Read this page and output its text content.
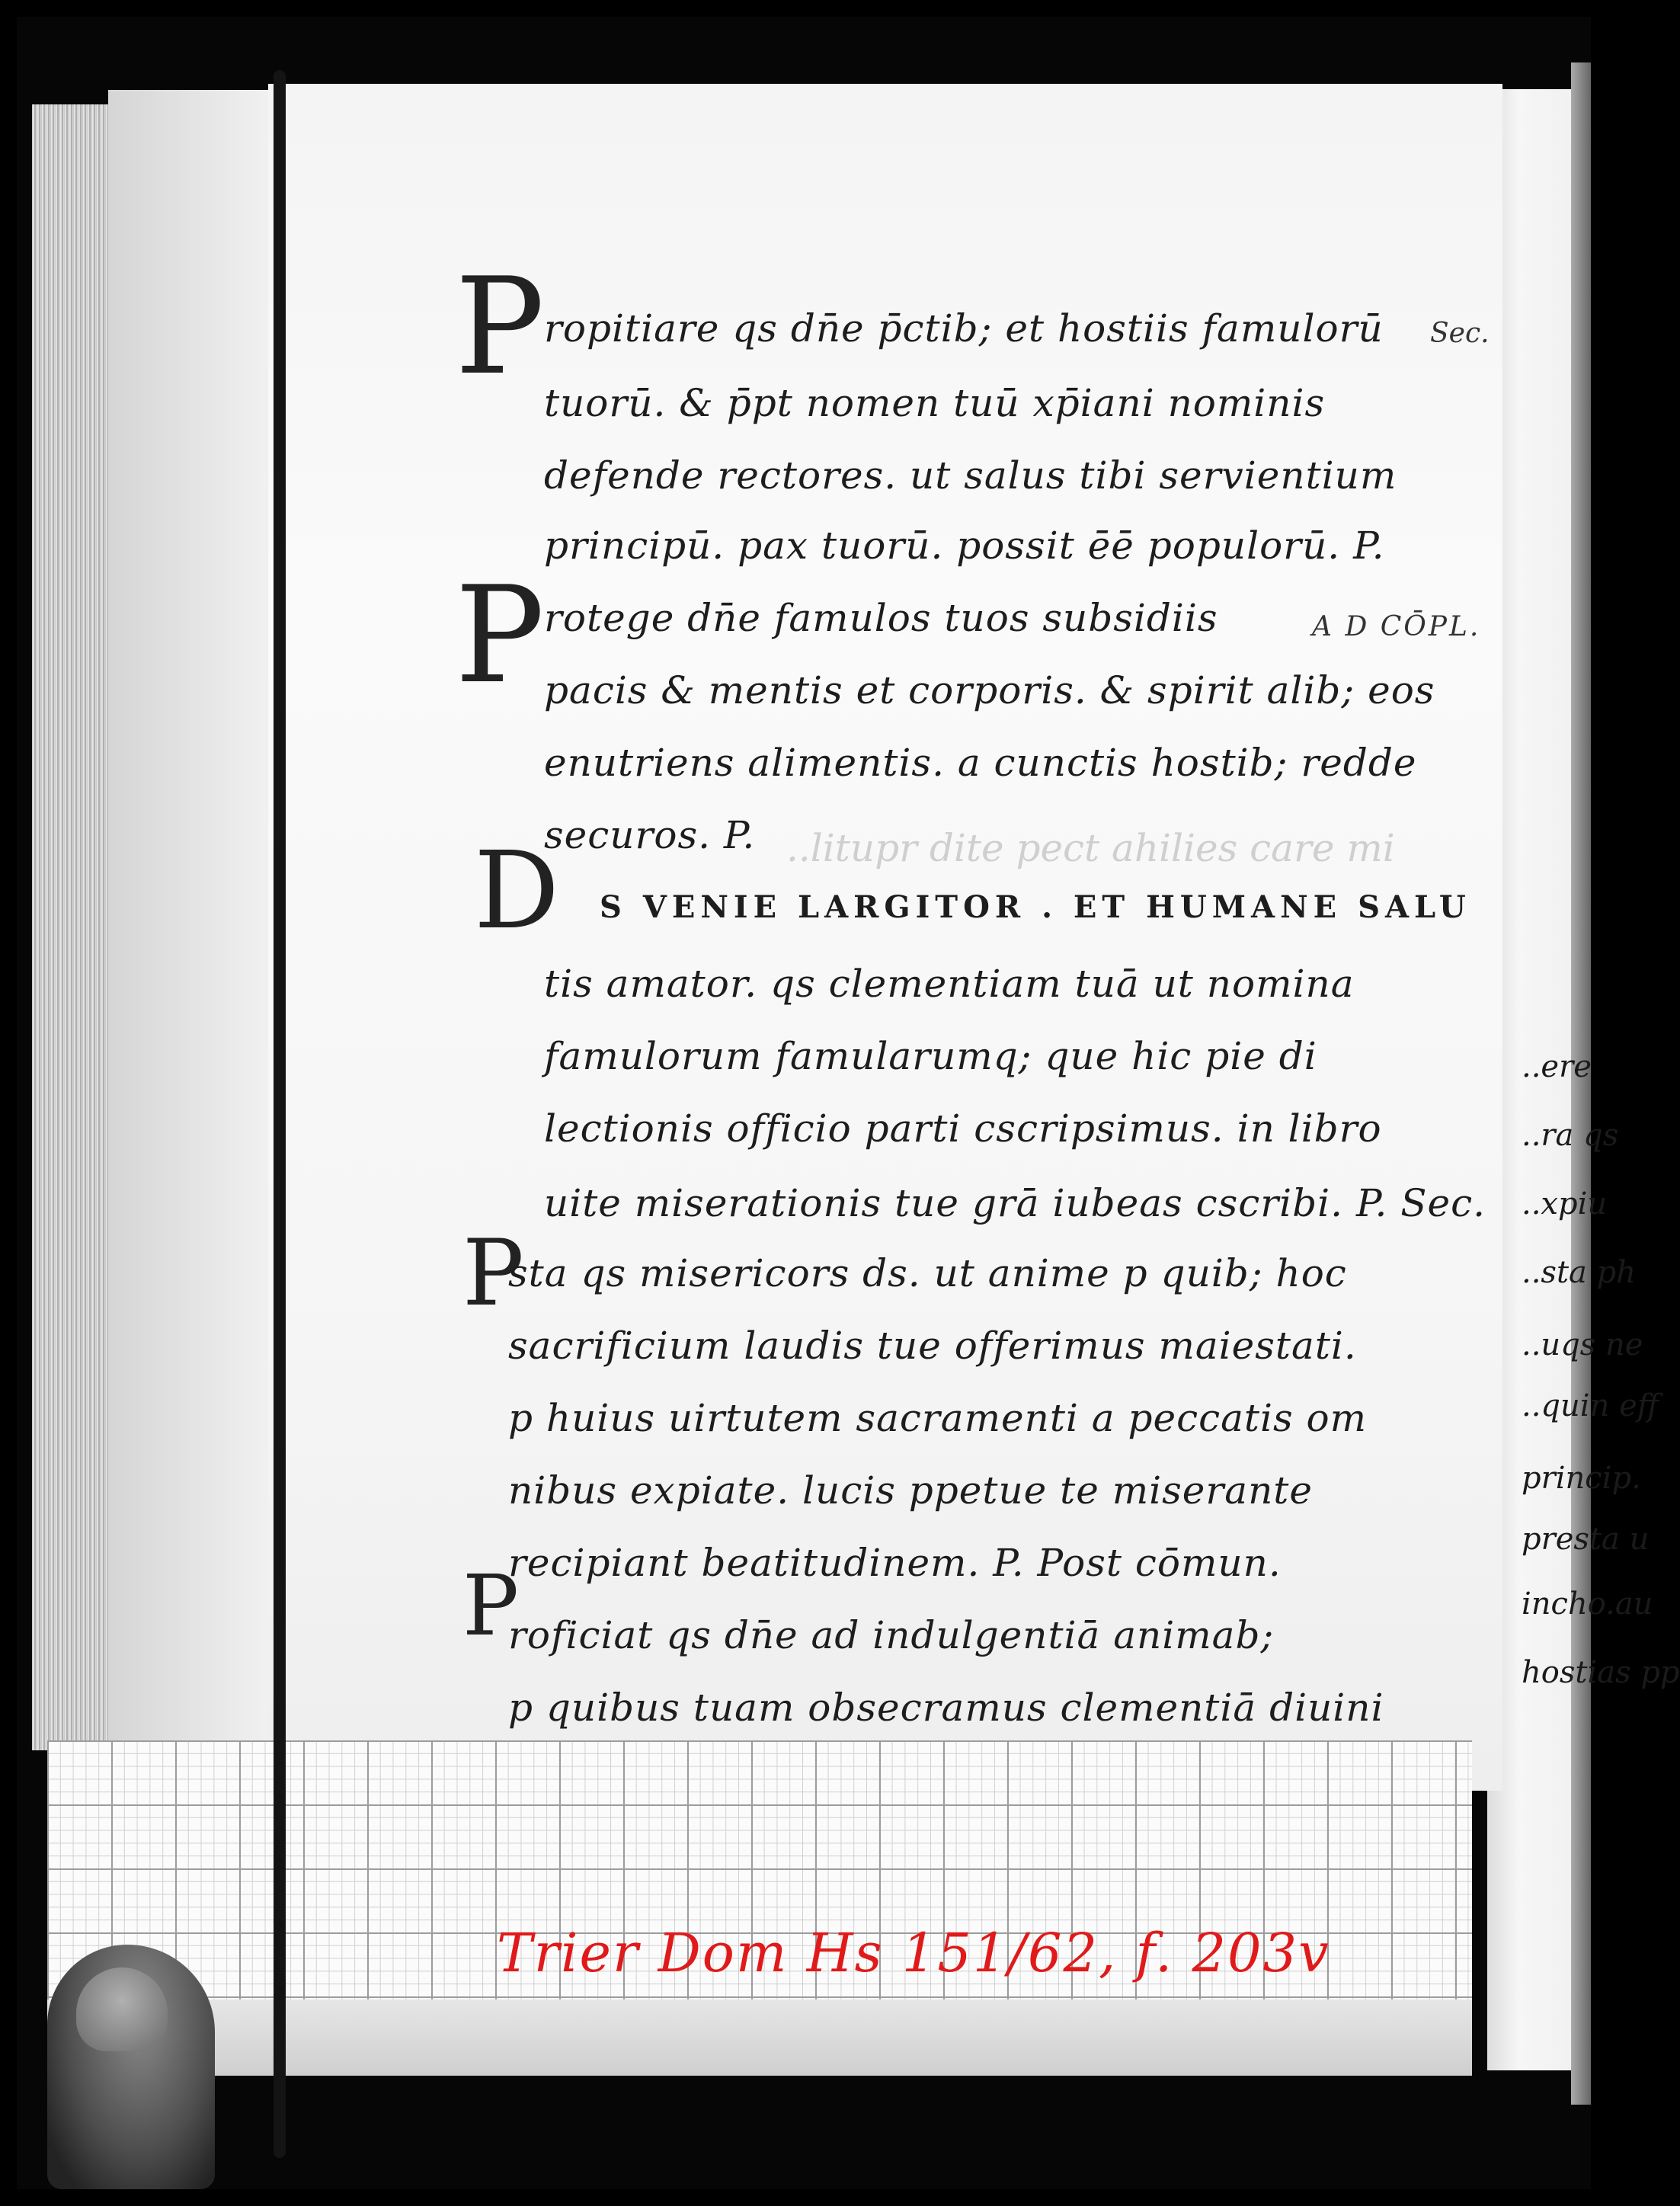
..litupr dite pect ahilies care mi
..ere
..ra qs
..xpiu
..sta ph
..uqs ne
..quin eff
princip.
presta u
incho.au
hostias pp
P
P
D
P
P
ropitiare qs dn̄e p̄ctib; et hostiis famulorū
tuorū. & p̄pt nomen tuū xp̄iani nominis
defende rectores. ut salus tibi servientium
principū. pax tuorū. possit ēē populorū. P.
rotege dn̄e famulos tuos subsidiis
pacis & mentis et corporis. & spirit alib; eos
enutriens alimentis. a cunctis hostib; redde
securos. P.
S VENIE LARGITOR . ET HUMANE SALU
tis amator. qs clementiam tuā ut nomina
famulorum famularumq; que hic pie di
lectionis officio parti cscripsimus. in libro
uite miserationis tue grā iubeas cscribi. P. Sec.
sta qs misericors ds. ut anime p quib; hoc
sacrificium laudis tue offerimus maiestati.
p huius uirtutem sacramenti a peccatis om
nibus expiate. lucis ppetue te miserante
recipiant beatitudinem. P. Post cōmun.
roficiat qs dn̄e ad indulgentiā animab;
p quibus tuam obsecramus clementiā diuini
Sec.
A D CŌPL.
Trier Dom Hs 151/62, f. 203v
